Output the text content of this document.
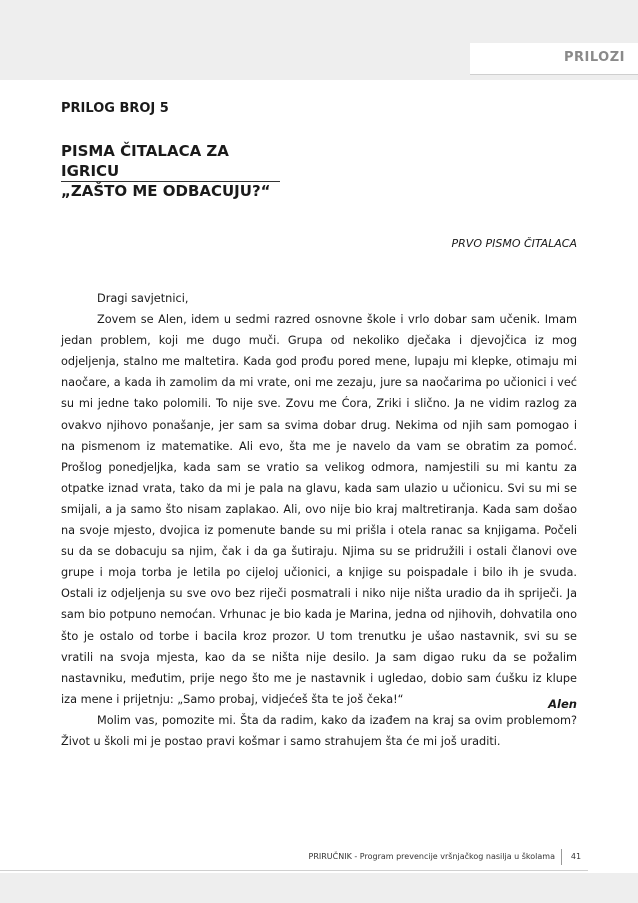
PRILOZI
PRILOG BROJ 5
PISMA ČITALACA ZA IGRICU
„ZAŠTO ME ODBACUJU?“
PRVO PISMO ČITALACA

Dragi savjetnici,

Zovem se Alen, idem u sedmi razred osnovne škole i vrlo dobar sam učenik. Imam jedan problem, koji me dugo muči. Grupa od nekoliko dječaka i djevojčica iz mog odjeljenja, stalno me maltetira. Kada god prođu pored mene, lupaju mi klepke, otimaju mi naočare, a kada ih zamolim da mi vrate, oni me zezaju, jure sa naočarima po učionici i već su mi jedne tako polomili. To nije sve. Zovu me Ćora, Zriki i slično. Ja ne vidim razlog za ovakvo njihovo ponašanje, jer sam sa svima dobar drug. Nekima od njih sam pomogao i na pismenom iz matematike. Ali evo, šta me je navelo da vam se obratim za pomoć. Prošlog ponedjeljka, kada sam se vratio sa velikog odmora, namjestili su mi kantu za otpatke iznad vrata, tako da mi je pala na glavu, kada sam ulazio u učionicu. Svi su mi se smijali, a ja samo što nisam zaplakao. Ali, ovo nije bio kraj maltretiranja. Kada sam došao na svoje mjesto, dvojica iz pomenute bande su mi prišla i otela ranac sa knjigama. Počeli su da se dobacuju sa njim, čak i da ga šutiraju. Njima su se pridružili i ostali članovi ove grupe i moja torba je letila po cijeloj učionici, a knjige su poispadale i bilo ih je svuda. Ostali iz odjeljenja su sve ovo bez riječi posmatrali i niko nije ništa uradio da ih spriječi. Ja sam bio potpuno nemoćan. Vrhunac je bio kada je Marina, jedna od njihovih, dohvatila ono što je ostalo od torbe i bacila kroz prozor. U tom trenutku je ušao nastavnik, svi su se vratili na svoja mjesta, kao da se ništa nije desilo. Ja sam digao ruku da se požalim nastavniku, međutim, prije nego što me je nastavnik i ugledao, dobio sam ćušku iz klupe iza mene i prijetnju: „Samo probaj, vidjećeš šta te još čeka!“

Molim vas, pomozite mi. Šta da radim, kako da izađem na kraj sa ovim problemom? Život u školi mi je postao pravi košmar i samo strahujem šta će mi još uraditi.

Alen
PRIRUČNIK - Program prevencije vršnjačkog nasilja u školama	41
